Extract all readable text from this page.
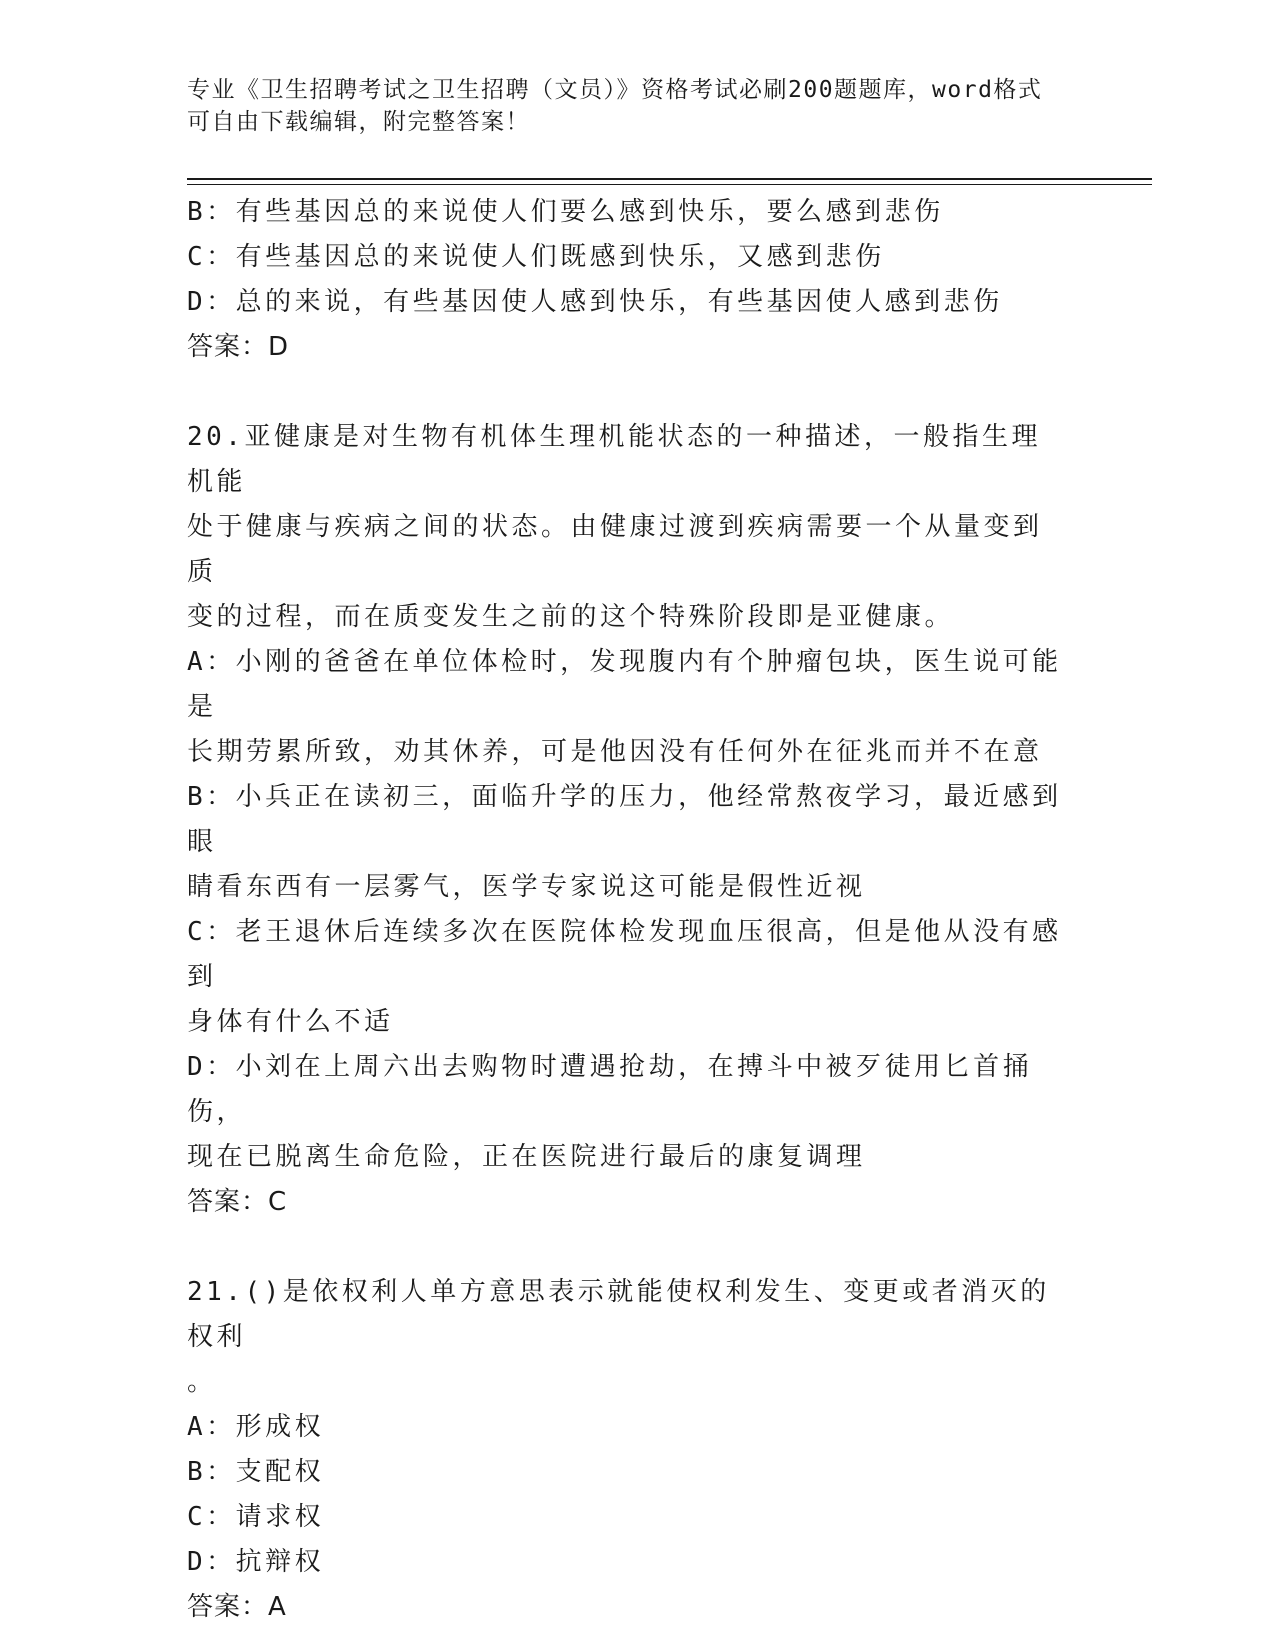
专业《卫生招聘考试之卫生招聘（文员）》资格考试必刷200题题库，word格式
可自由下载编辑，附完整答案！
B：有些基因总的来说使人们要么感到快乐，要么感到悲伤
C：有些基因总的来说使人们既感到快乐，又感到悲伤
D：总的来说，有些基因使人感到快乐，有些基因使人感到悲伤
答案：D
20.亚健康是对生物有机体生理机能状态的一种描述，一般指生理机能
处于健康与疾病之间的状态。由健康过渡到疾病需要一个从量变到质
变的过程，而在质变发生之前的这个特殊阶段即是亚健康。
A：小刚的爸爸在单位体检时，发现腹内有个肿瘤包块，医生说可能是
长期劳累所致，劝其休养，可是他因没有任何外在征兆而并不在意
B：小兵正在读初三，面临升学的压力，他经常熬夜学习，最近感到眼
睛看东西有一层雾气，医学专家说这可能是假性近视
C：老王退休后连续多次在医院体检发现血压很高，但是他从没有感到
身体有什么不适
D：小刘在上周六出去购物时遭遇抢劫，在搏斗中被歹徒用匕首捅伤，
现在已脱离生命危险，正在医院进行最后的康复调理
答案：C
21.()是依权利人单方意思表示就能使权利发生、变更或者消灭的权利
。
A：形成权
B：支配权
C：请求权
D：抗辩权
答案：A
